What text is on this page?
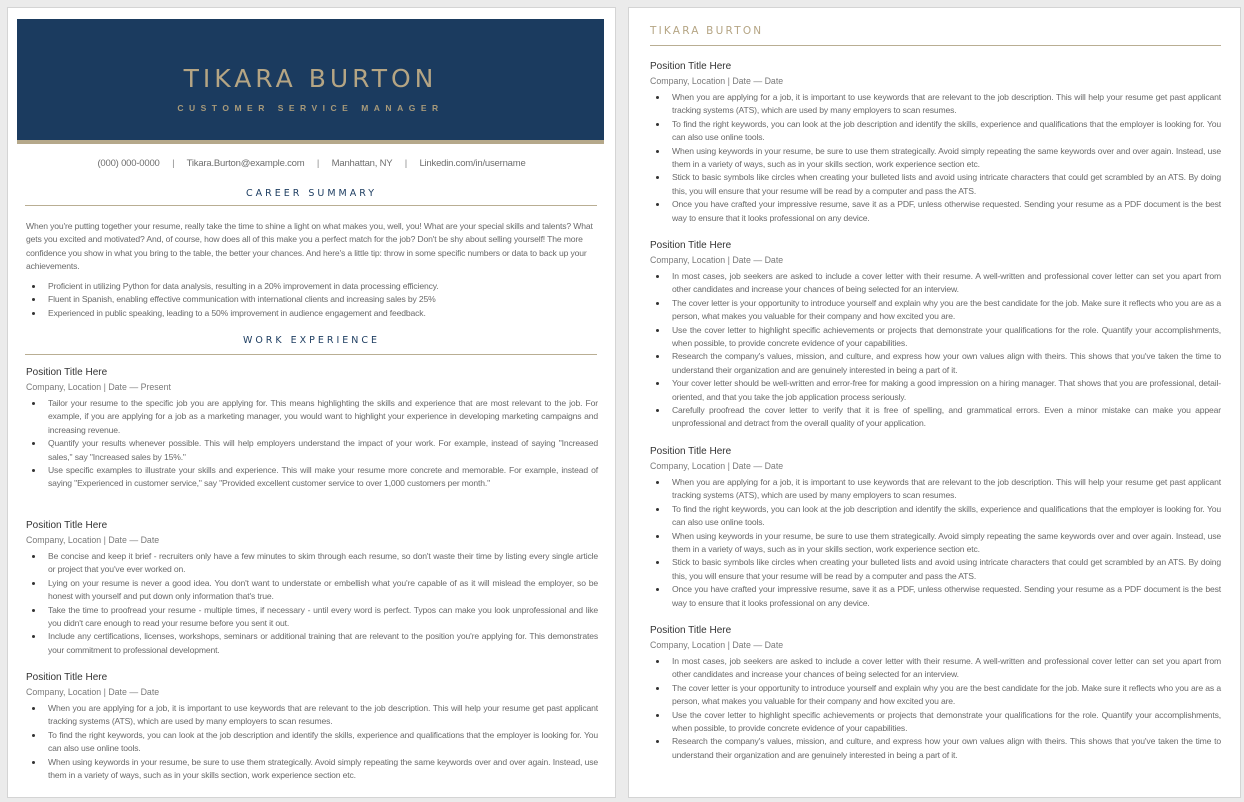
TIKARA BURTON
CUSTOMER SERVICE MANAGER
(000) 000-0000 | Tikara.Burton@example.com | Manhattan, NY | Linkedin.com/in/username
CAREER SUMMARY
When you're putting together your resume, really take the time to shine a light on what makes you, well, you! What are your special skills and talents? What gets you excited and motivated? And, of course, how does all of this make you a perfect match for the job? Don't be shy about selling yourself! The more confidence you show in what you bring to the table, the better your chances. And here's a little tip: throw in some specific numbers or data to back up your achievements.
Proficient in utilizing Python for data analysis, resulting in a 20% improvement in data processing efficiency.
Fluent in Spanish, enabling effective communication with international clients and increasing sales by 25%
Experienced in public speaking, leading to a 50% improvement in audience engagement and feedback.
WORK EXPERIENCE
Position Title Here
Company, Location | Date — Present
Tailor your resume to the specific job you are applying for. This means highlighting the skills and experience that are most relevant to the job. For example, if you are applying for a job as a marketing manager, you would want to highlight your experience in developing marketing campaigns and increasing revenue.
Quantify your results whenever possible. This will help employers understand the impact of your work. For example, instead of saying "Increased sales," say "Increased sales by 15%."
Use specific examples to illustrate your skills and experience. This will make your resume more concrete and memorable. For example, instead of saying "Experienced in customer service," say "Provided excellent customer service to over 1,000 customers per month."
Position Title Here
Company, Location | Date — Date
Be concise and keep it brief - recruiters only have a few minutes to skim through each resume, so don't waste their time by listing every single article or project that you've ever worked on.
Lying on your resume is never a good idea. You don't want to understate or embellish what you're capable of as it will mislead the employer, so be honest with yourself and put down only information that's true.
Take the time to proofread your resume - multiple times, if necessary - until every word is perfect. Typos can make you look unprofessional and like you didn't care enough to read your resume before you sent it out.
Include any certifications, licenses, workshops, seminars or additional training that are relevant to the position you're applying for. This demonstrates your commitment to professional development.
Position Title Here
Company, Location | Date — Date
When you are applying for a job, it is important to use keywords that are relevant to the job description. This will help your resume get past applicant tracking systems (ATS), which are used by many employers to scan resumes.
To find the right keywords, you can look at the job description and identify the skills, experience and qualifications that the employer is looking for. You can also use online tools.
When using keywords in your resume, be sure to use them strategically. Avoid simply repeating the same keywords over and over again. Instead, use them in a variety of ways, such as in your skills section, work experience section etc.
TIKARA BURTON
Position Title Here
Company, Location | Date — Date
When you are applying for a job, it is important to use keywords that are relevant to the job description. This will help your resume get past applicant tracking systems (ATS), which are used by many employers to scan resumes.
To find the right keywords, you can look at the job description and identify the skills, experience and qualifications that the employer is looking for. You can also use online tools.
When using keywords in your resume, be sure to use them strategically. Avoid simply repeating the same keywords over and over again. Instead, use them in a variety of ways, such as in your skills section, work experience section etc.
Stick to basic symbols like circles when creating your bulleted lists and avoid using intricate characters that could get scrambled by an ATS. By doing this, you will ensure that your resume will be read by a computer and pass the ATS.
Once you have crafted your impressive resume, save it as a PDF, unless otherwise requested. Sending your resume as a PDF document is the best way to ensure that it looks professional on any device.
Position Title Here
Company, Location | Date — Date
In most cases, job seekers are asked to include a cover letter with their resume. A well-written and professional cover letter can set you apart from other candidates and increase your chances of being selected for an interview.
The cover letter is your opportunity to introduce yourself and explain why you are the best candidate for the job. Make sure it reflects who you are as a person, what makes you valuable for their company and how excited you are.
Use the cover letter to highlight specific achievements or projects that demonstrate your qualifications for the role. Quantify your accomplishments, when possible, to provide concrete evidence of your capabilities.
Research the company's values, mission, and culture, and express how your own values align with theirs. This shows that you've taken the time to understand their organization and are genuinely interested in being a part of it.
Your cover letter should be well-written and error-free for making a good impression on a hiring manager. That shows that you are professional, detail-oriented, and that you take the job application process seriously.
Carefully proofread the cover letter to verify that it is free of spelling, and grammatical errors. Even a minor mistake can make you appear unprofessional and detract from the overall quality of your application.
Position Title Here
Company, Location | Date — Date
When you are applying for a job, it is important to use keywords that are relevant to the job description. This will help your resume get past applicant tracking systems (ATS), which are used by many employers to scan resumes.
To find the right keywords, you can look at the job description and identify the skills, experience and qualifications that the employer is looking for. You can also use online tools.
When using keywords in your resume, be sure to use them strategically. Avoid simply repeating the same keywords over and over again. Instead, use them in a variety of ways, such as in your skills section, work experience section etc.
Stick to basic symbols like circles when creating your bulleted lists and avoid using intricate characters that could get scrambled by an ATS. By doing this, you will ensure that your resume will be read by a computer and pass the ATS.
Once you have crafted your impressive resume, save it as a PDF, unless otherwise requested. Sending your resume as a PDF document is the best way to ensure that it looks professional on any device.
Position Title Here
Company, Location | Date — Date
In most cases, job seekers are asked to include a cover letter with their resume. A well-written and professional cover letter can set you apart from other candidates and increase your chances of being selected for an interview.
The cover letter is your opportunity to introduce yourself and explain why you are the best candidate for the job. Make sure it reflects who you are as a person, what makes you valuable for their company and how excited you are.
Use the cover letter to highlight specific achievements or projects that demonstrate your qualifications for the role. Quantify your accomplishments, when possible, to provide concrete evidence of your capabilities.
Research the company's values, mission, and culture, and express how your own values align with theirs. This shows that you've taken the time to understand their organization and are genuinely interested in being a part of it.
